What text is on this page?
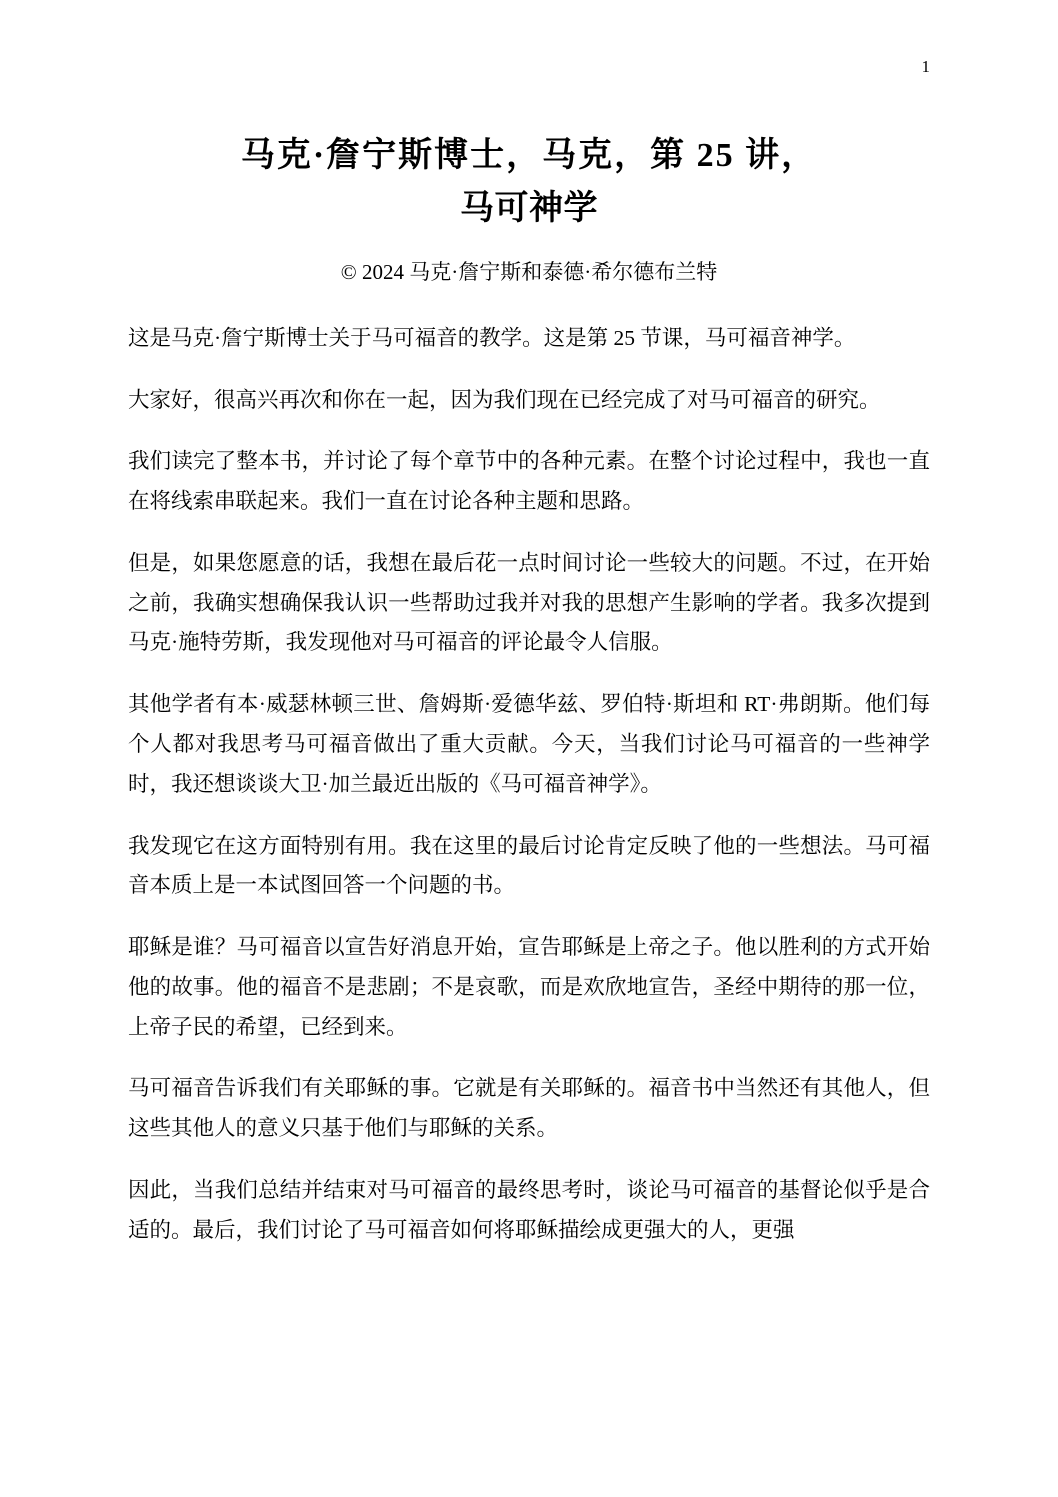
1
马克·詹宁斯博士，马克，第 25 讲，
马可神学
© 2024 马克·詹宁斯和泰德·希尔德布兰特

这是马克·詹宁斯博士关于马可福音的教学。这是第 25 节课，马可福音神学。

大家好，很高兴再次和你在一起，因为我们现在已经完成了对马可福音的研究。

我们读完了整本书，并讨论了每个章节中的各种元素。在整个讨论过程中，我也一直在将线索串联起来。我们一直在讨论各种主题和思路。

但是，如果您愿意的话，我想在最后花一点时间讨论一些较大的问题。不过，在开始之前，我确实想确保我认识一些帮助过我并对我的思想产生影响的学者。我多次提到马克·施特劳斯，我发现他对马可福音的评论最令人信服。

其他学者有本·威瑟林顿三世、詹姆斯·爱德华兹、罗伯特·斯坦和 RT·弗朗斯。他们每个人都对我思考马可福音做出了重大贡献。今天，当我们讨论马可福音的一些神学时，我还想谈谈大卫·加兰最近出版的《马可福音神学》。

我发现它在这方面特别有用。我在这里的最后讨论肯定反映了他的一些想法。马可福音本质上是一本试图回答一个问题的书。

耶稣是谁？马可福音以宣告好消息开始，宣告耶稣是上帝之子。他以胜利的方式开始他的故事。他的福音不是悲剧；不是哀歌，而是欢欣地宣告，圣经中期待的那一位，上帝子民的希望，已经到来。

马可福音告诉我们有关耶稣的事。它就是有关耶稣的。福音书中当然还有其他人，但这些其他人的意义只基于他们与耶稣的关系。

因此，当我们总结并结束对马可福音的最终思考时，谈论马可福音的基督论似乎是合适的。最后，我们讨论了马可福音如何将耶稣描绘成更强大的人，更强
